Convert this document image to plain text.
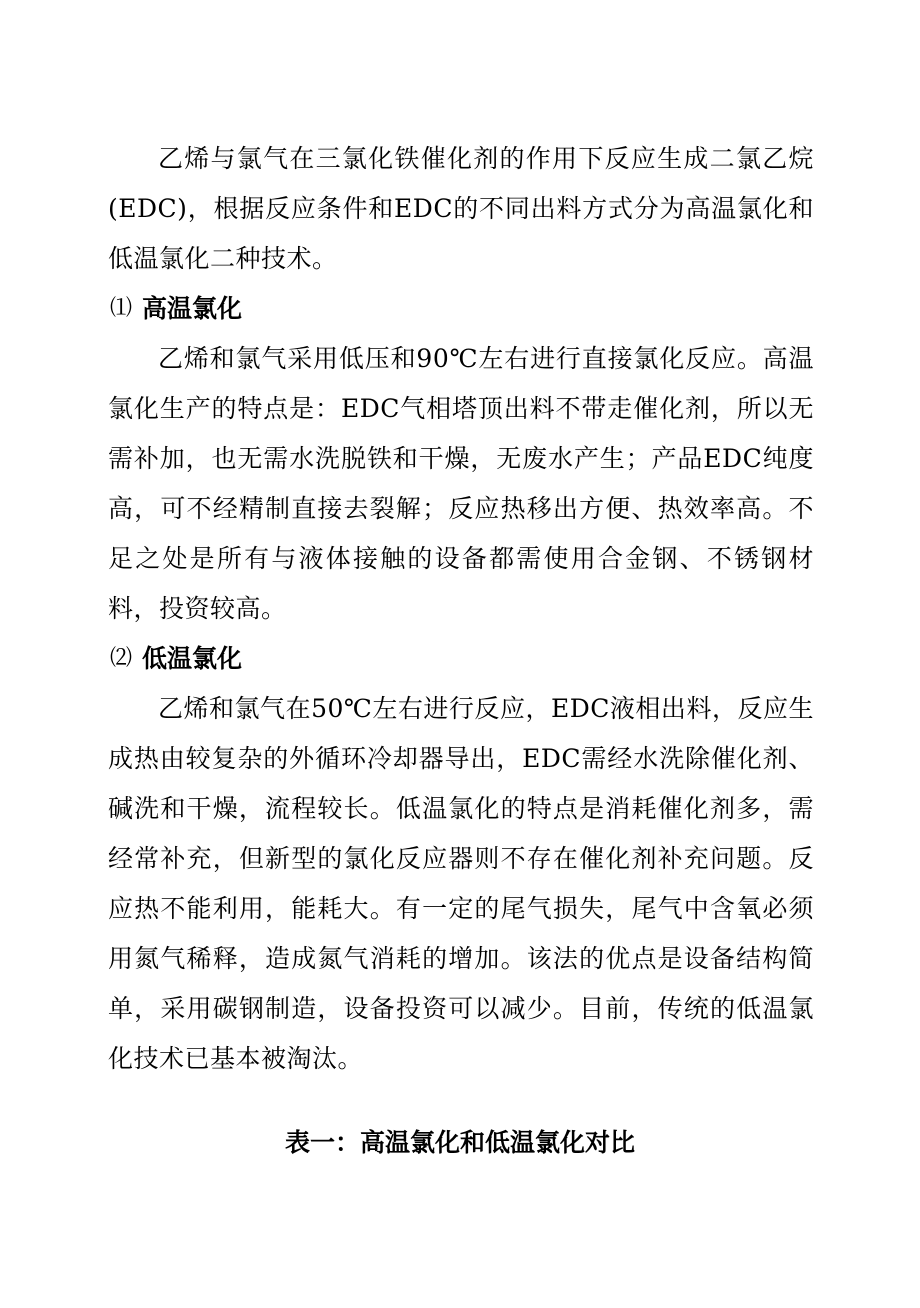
乙烯与氯气在三氯化铁催化剂的作用下反应生成二氯乙烷(EDC)，根据反应条件和EDC的不同出料方式分为高温氯化和低温氯化二种技术。

⑴ 高温氯化

乙烯和氯气采用低压和90℃左右进行直接氯化反应。高温氯化生产的特点是：EDC气相塔顶出料不带走催化剂，所以无需补加，也无需水洗脱铁和干燥，无废水产生；产品EDC纯度高，可不经精制直接去裂解；反应热移出方便、热效率高。不足之处是所有与液体接触的设备都需使用合金钢、不锈钢材料，投资较高。

⑵ 低温氯化

乙烯和氯气在50℃左右进行反应，EDC液相出料，反应生成热由较复杂的外循环冷却器导出，EDC需经水洗除催化剂、碱洗和干燥，流程较长。低温氯化的特点是消耗催化剂多，需经常补充，但新型的氯化反应器则不存在催化剂补充问题。反应热不能利用，能耗大。有一定的尾气损失，尾气中含氧必须用氮气稀释，造成氮气消耗的增加。该法的优点是设备结构简单，采用碳钢制造，设备投资可以减少。目前，传统的低温氯化技术已基本被淘汰。

表一：高温氯化和低温氯化对比
